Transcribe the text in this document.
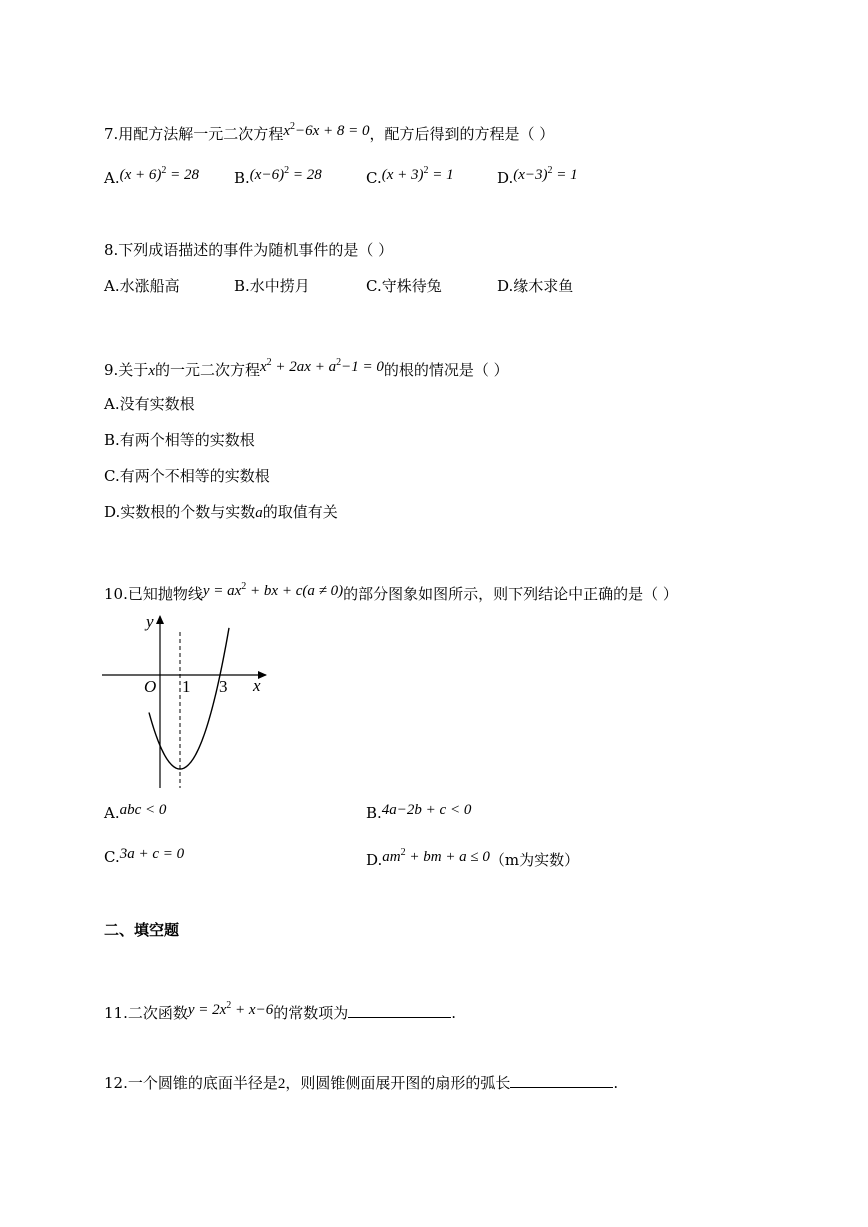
7.用配方法解一元二次方程$x^2-6x + 8 = 0$，配方后得到的方程是（ ）
$A.(x + 6)^2 = 28$ $B.(x-6)^2 = 28$	$C.(x + 3)^2 = 1$	$D.(x-3)^2 = 1$
8.下列成语描述的事件为随机事件的是（ ）
A.水涨船高	B.水中捞月	C.守株待兔	D.缘木求鱼
9.关于x的一元二次方程$x^2 + 2ax + a^2-1 = 0$的根的情况是（ ）
A.没有实数根
B.有两个相等的实数根
C.有两个不相等的实数根
D.实数根的个数与实数a的取值有关
10.已知抛物线$y = ax^2$ + bx + c(a ≠ 0)的部分图象如图所示，则下列结论中正确的是（ ）
y
x
O 1 3
A.abc < 0	B.4a−2b + c < 0
C.3a + c = 0	$D.am^2$ + bm + a ≤ 0（m为实数）
二、填空题
11.二次函数$y = 2x^2 + x-6$的常数项为	.
12.一个圆锥的底面半径是2，则圆锥侧面展开图的扇形的弧长	.
